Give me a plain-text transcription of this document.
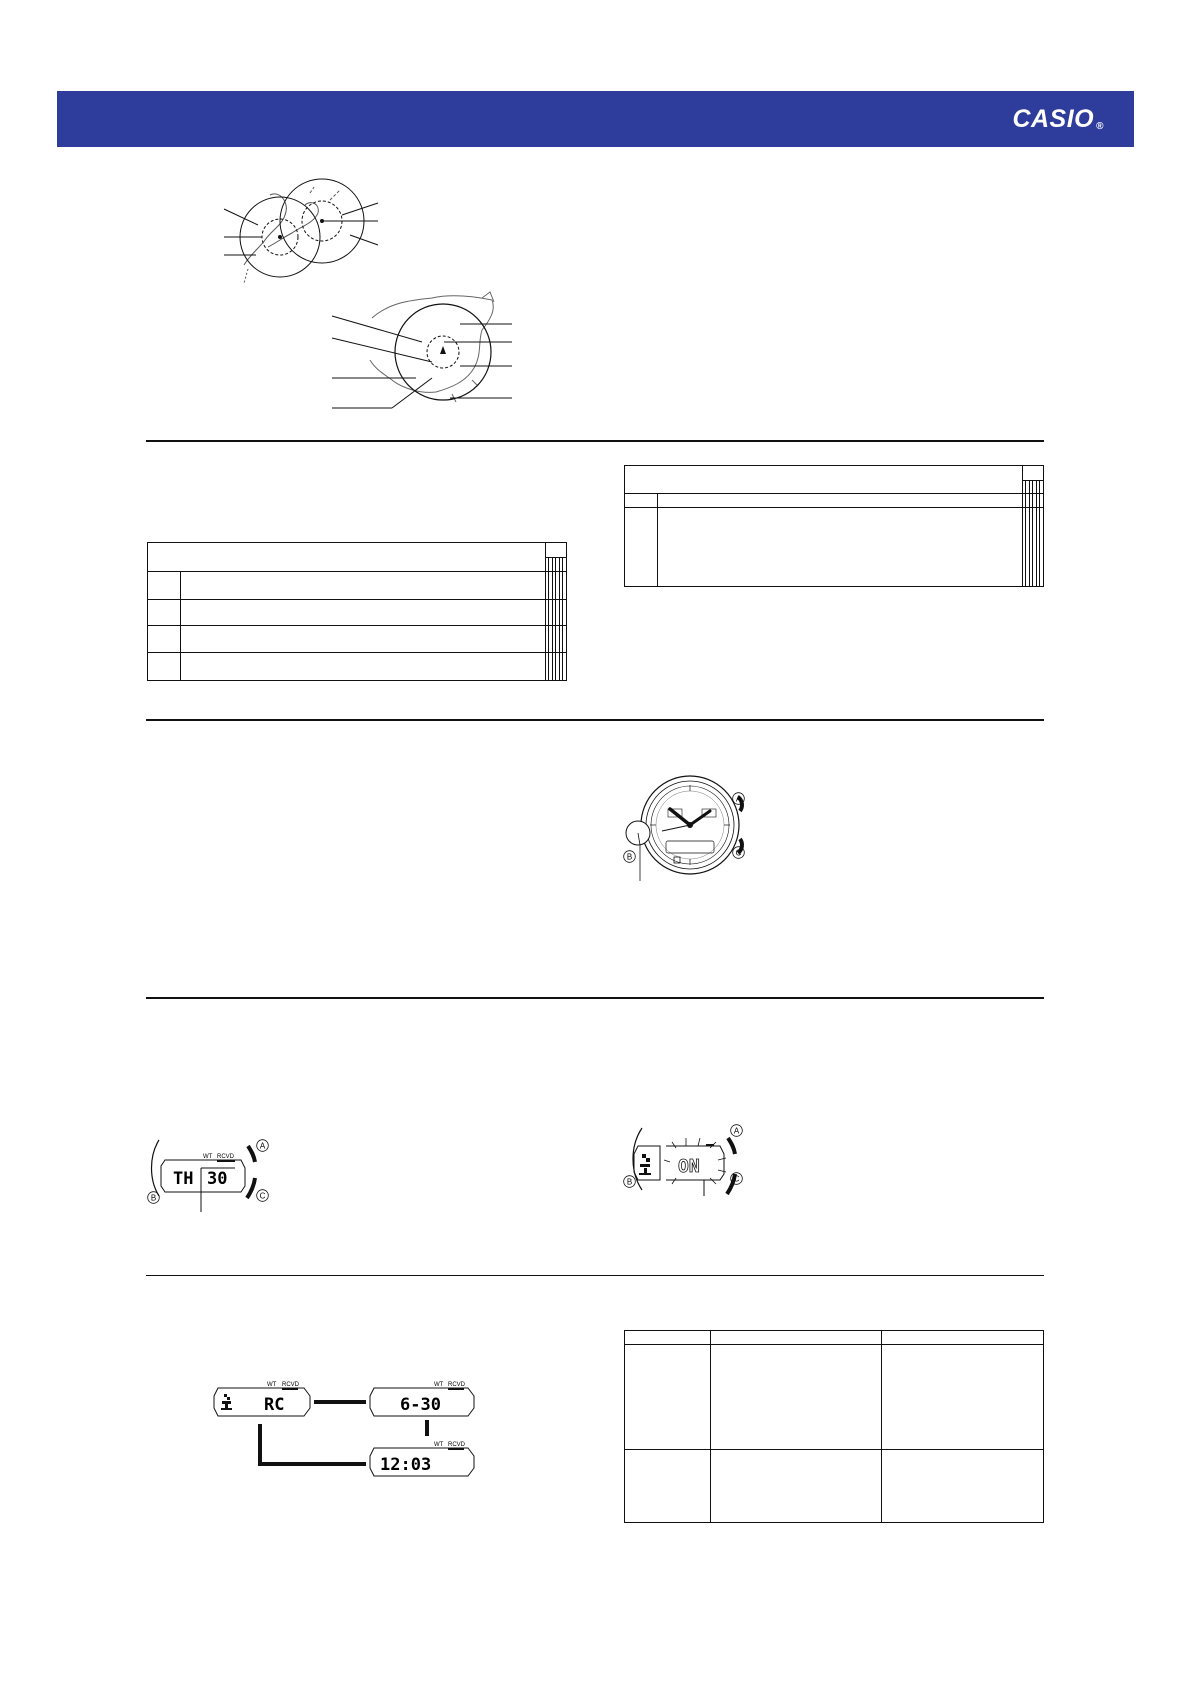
CASIO ®

A
C
B
WT RCVD
TH 30
A
C
B
ON
A
C
B
WT RCVD
RC
WT RCVD
6-30
WT RCVD
12:03
